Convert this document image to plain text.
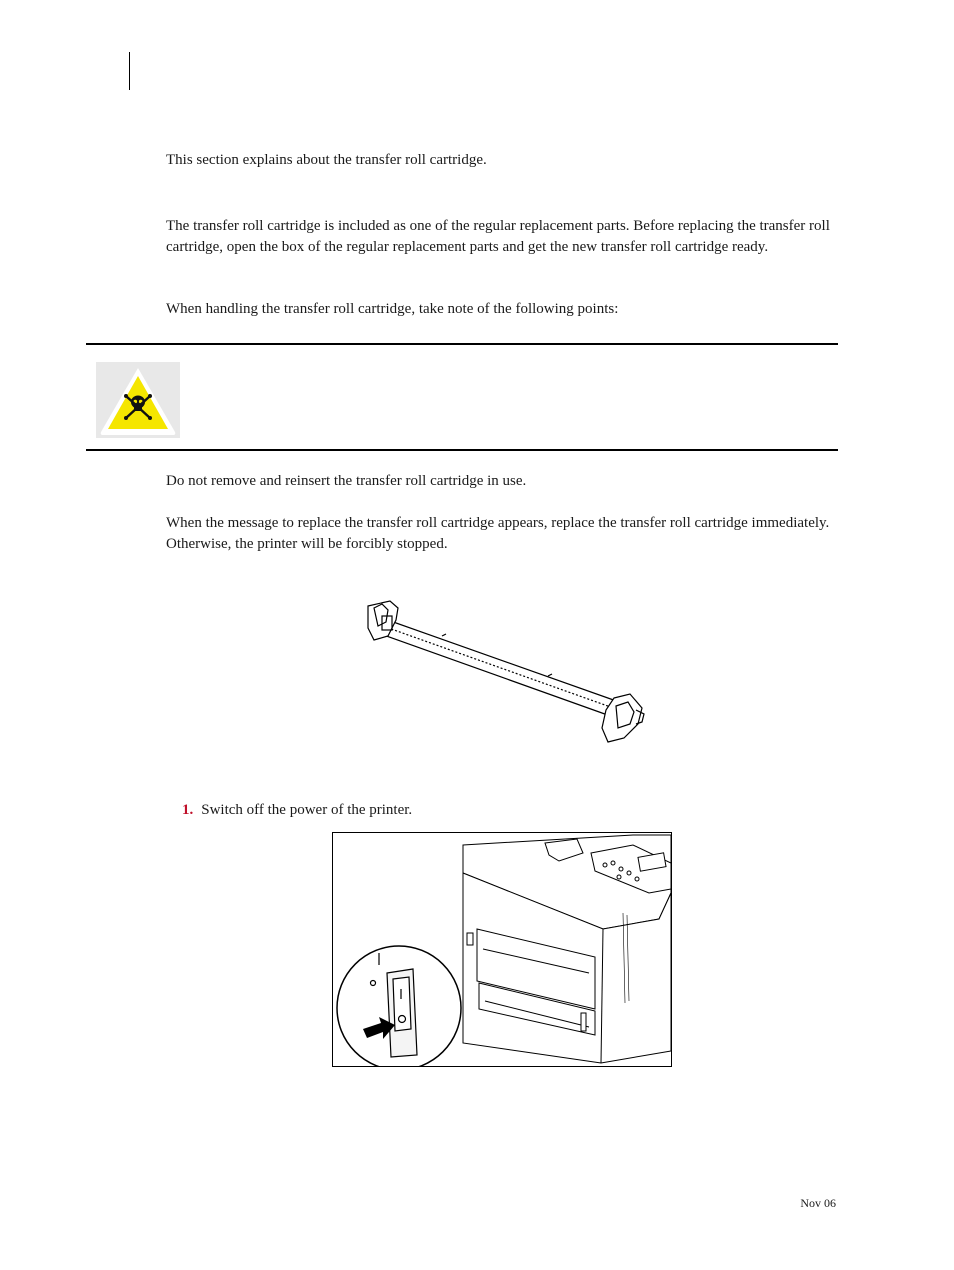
This section explains about the transfer roll cartridge.

The transfer roll cartridge is included as one of the regular replacement parts. Before replacing the transfer roll cartridge, open the box of the regular replacement parts and get the new transfer roll cartridge ready.

When handling the transfer roll cartridge, take note of the following points:

Do not remove and reinsert the transfer roll cartridge in use.

When the message to replace the transfer roll cartridge appears, replace the transfer roll cartridge immediately. Otherwise, the printer will be forcibly stopped.

1. Switch off the power of the printer.
Nov 06
